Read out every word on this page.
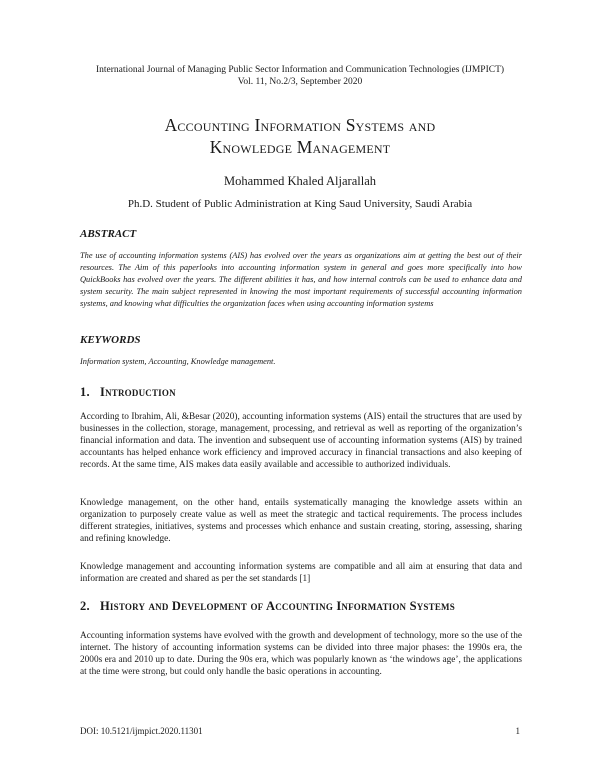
International Journal of Managing Public Sector Information and Communication Technologies (IJMPICT)
Vol. 11, No.2/3, September 2020
Accounting Information Systems and
Knowledge Management
Mohammed Khaled Aljarallah
Ph.D. Student of Public Administration at King Saud University, Saudi Arabia
ABSTRACT
The use of accounting information systems (AIS) has evolved over the years as organizations aim at getting the best out of their resources. The Aim of this paperlooks into accounting information system in general and goes more specifically into how QuickBooks has evolved over the years. The different abilities it has, and how internal controls can be used to enhance data and system security. The main subject represented in knowing the most important requirements of successful accounting information systems, and knowing what difficulties the organization faces when using accounting information systems
KEYWORDS
Information system, Accounting, Knowledge management.
1. Introduction
According to Ibrahim, Ali, &Besar (2020), accounting information systems (AIS) entail the structures that are used by businesses in the collection, storage, management, processing, and retrieval as well as reporting of the organization’s financial information and data. The invention and subsequent use of accounting information systems (AIS) by trained accountants has helped enhance work efficiency and improved accuracy in financial transactions and also keeping of records. At the same time, AIS makes data easily available and accessible to authorized individuals.
Knowledge management, on the other hand, entails systematically managing the knowledge assets within an organization to purposely create value as well as meet the strategic and tactical requirements. The process includes different strategies, initiatives, systems and processes which enhance and sustain creating, storing, assessing, sharing and refining knowledge.
Knowledge management and accounting information systems are compatible and all aim at ensuring that data and information are created and shared as per the set standards [1]
2. History and Development of Accounting Information Systems
Accounting information systems have evolved with the growth and development of technology, more so the use of the internet. The history of accounting information systems can be divided into three major phases: the 1990s era, the 2000s era and 2010 up to date. During the 90s era, which was popularly known as ‘the windows age’, the applications at the time were strong, but could only handle the basic operations in accounting.
DOI: 10.5121/ijmpict.2020.11301	1
